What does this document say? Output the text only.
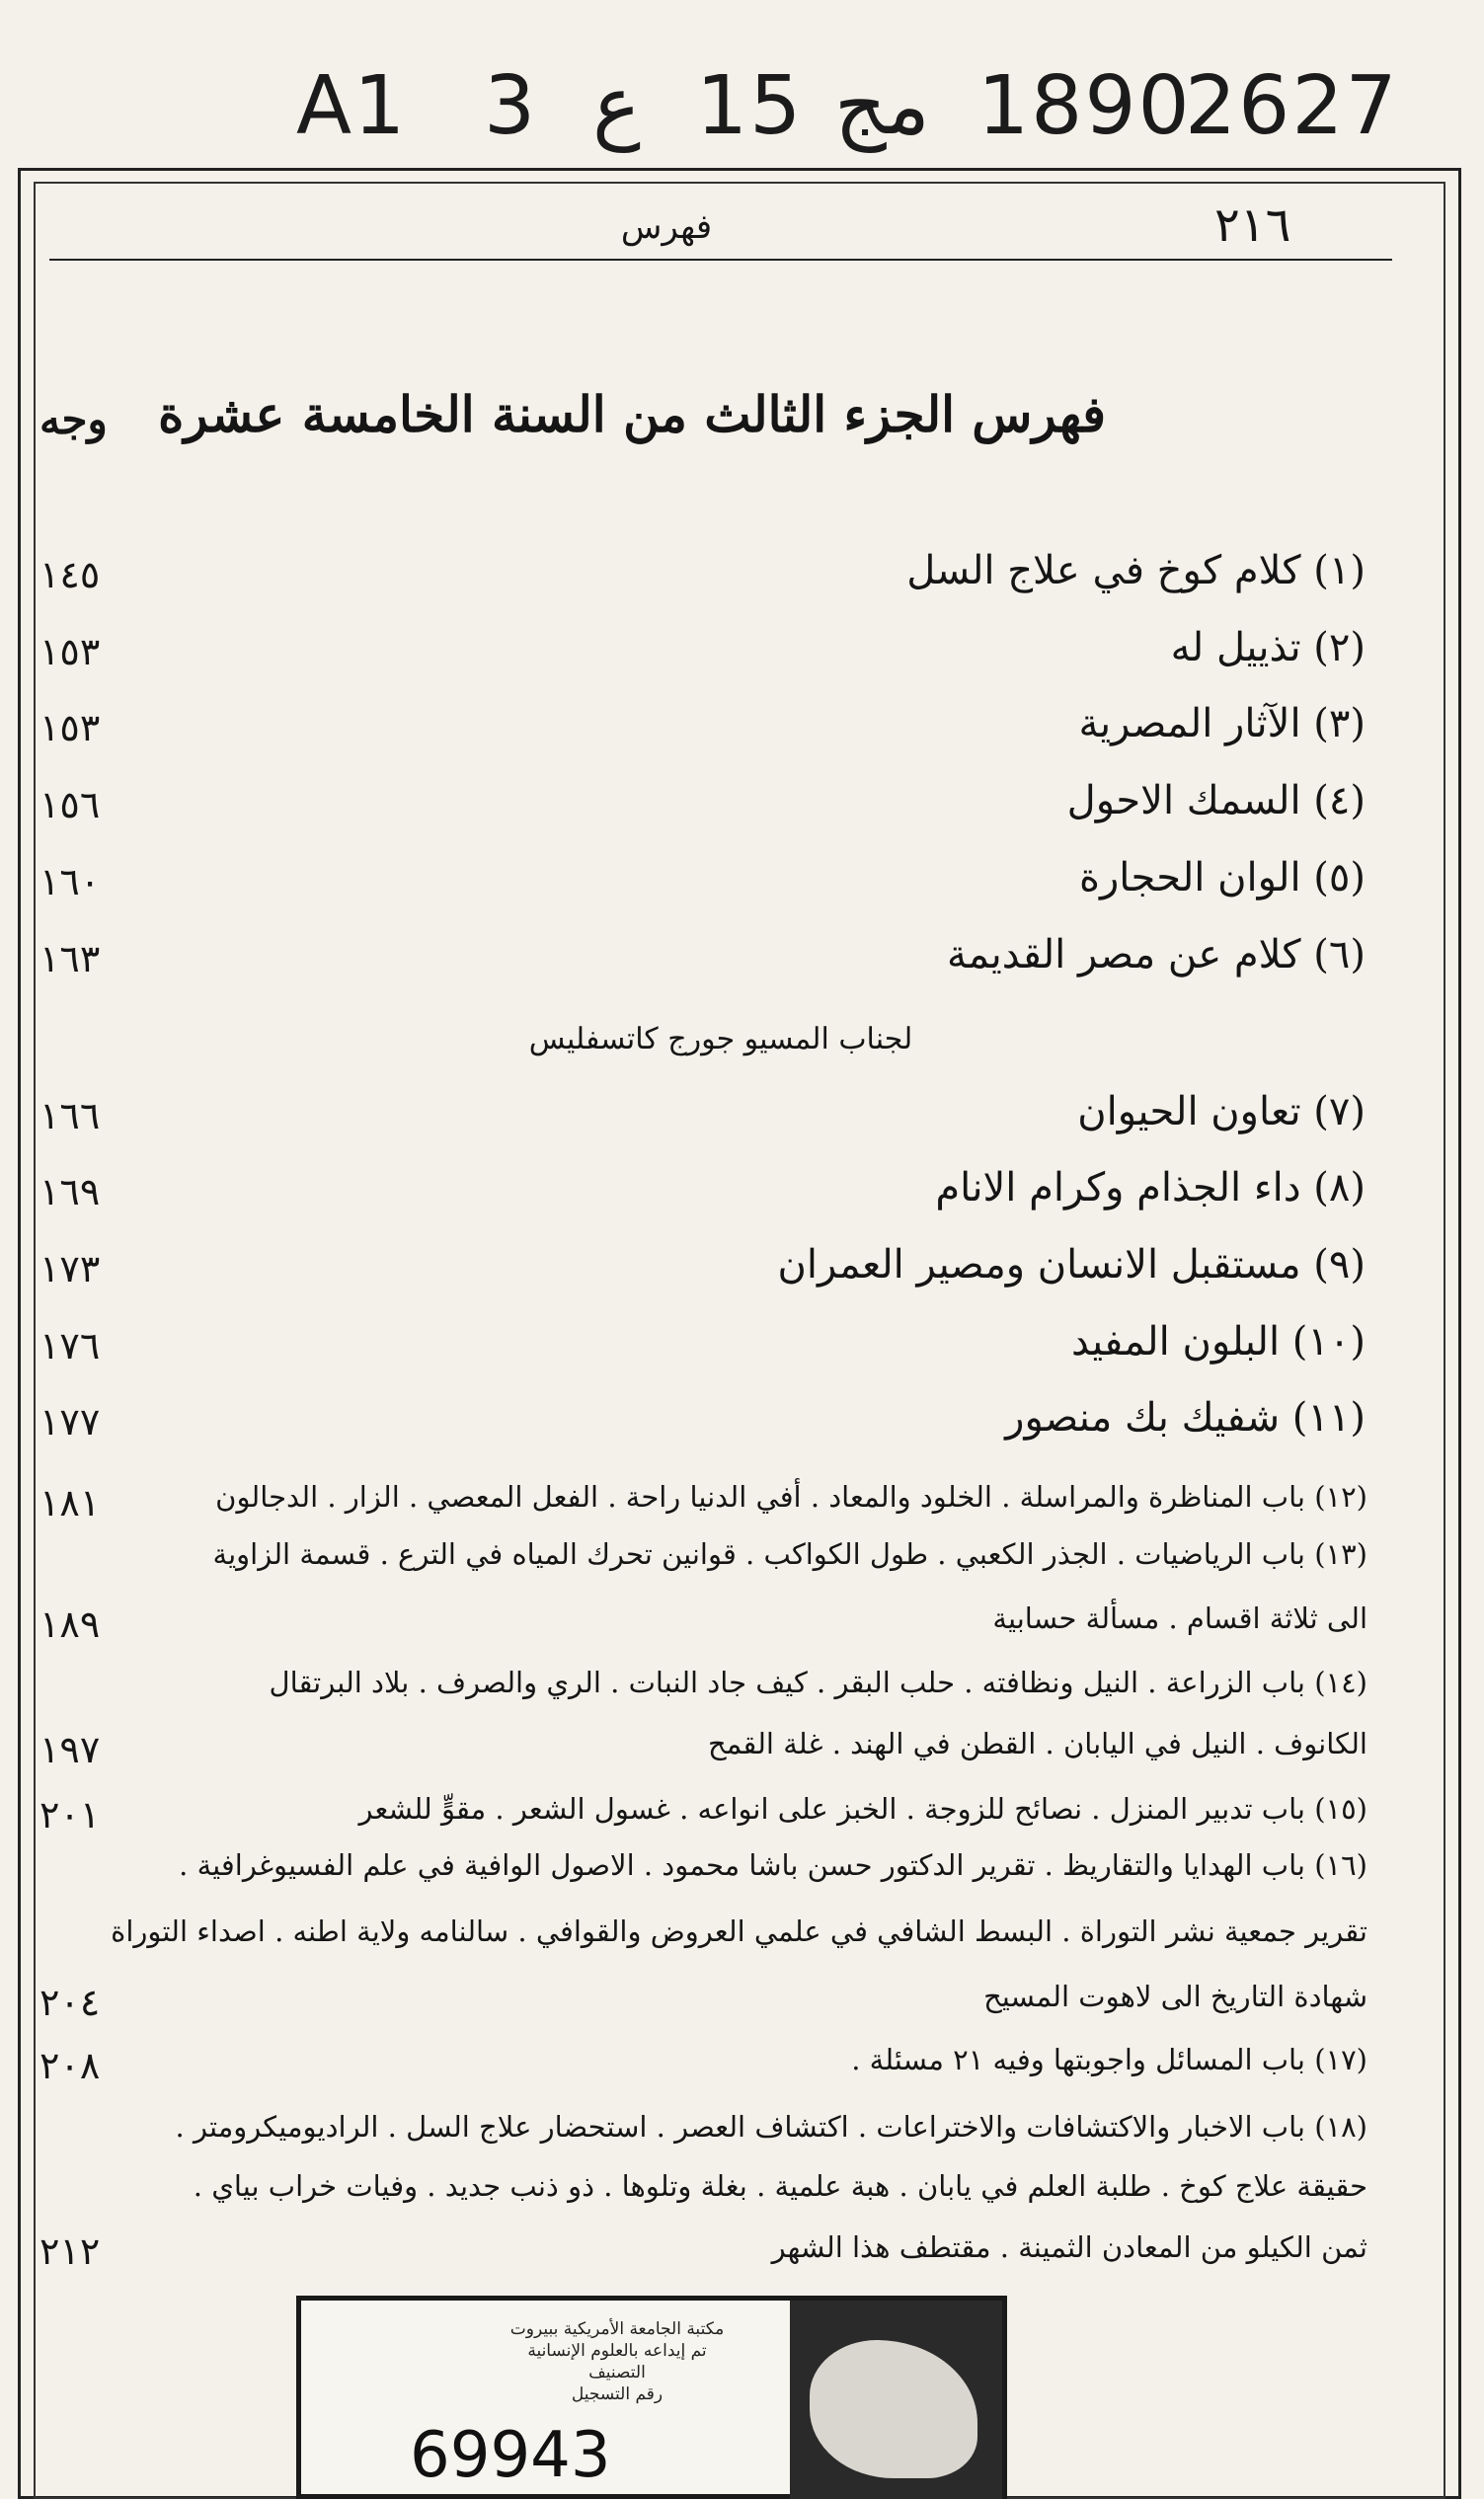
A1 3 ع 15 مج 1890
2627
٢١٦
فهرس
فهرس الجزء الثالث من السنة الخامسة عشرة
وجه
(١) كلام كوخ في علاج السل
١٤٥
(٢) تذييل له
١٥٣
(٣) الآثار المصرية
١٥٣
(٤) السمك الاحول
١٥٦
(٥) الوان الحجارة
١٦٠
(٦) كلام عن مصر القديمة
١٦٣
لجناب المسيو جورج كاتسفليس
(٧) تعاون الحيوان
١٦٦
(٨) داء الجذام وكرام الانام
١٦٩
(٩) مستقبل الانسان ومصير العمران
١٧٣
(١٠) البلون المفيد
١٧٦
(١١) شفيك بك منصور
١٧٧
(١٢) باب المناظرة والمراسلة . الخلود والمعاد . أفي الدنيا راحة . الفعل المعصي . الزار . الدجالون
١٨١
(١٣) باب الرياضيات . الجذر الكعبي . طول الكواكب . قوانين تحرك المياه في الترع . قسمة الزاوية
الى ثلاثة اقسام . مسألة حسابية
١٨٩
(١٤) باب الزراعة . النيل ونظافته . حلب البقر . كيف جاد النبات . الري والصرف . بلاد البرتقال
الكانوف . النيل في اليابان . القطن في الهند . غلة القمح
١٩٧
(١٥) باب تدبير المنزل . نصائح للزوجة . الخبز على انواعه . غسول الشعر . مقوٍّ للشعر
٢٠١
(١٦) باب الهدايا والتقاريظ . تقرير الدكتور حسن باشا محمود . الاصول الوافية في علم الفسيوغرافية .
تقرير جمعية نشر التوراة . البسط الشافي في علمي العروض والقوافي . سالنامه ولاية اطنه . اصداء التوراة
شهادة التاريخ الى لاهوت المسيح
٢٠٤
(١٧) باب المسائل واجوبتها وفيه ٢١ مسئلة .
٢٠٨
(١٨) باب الاخبار والاكتشافات والاختراعات . اكتشاف العصر . استحضار علاج السل . الراديوميكرومتر .
حقيقة علاج كوخ . طلبة العلم في يابان . هبة علمية . بغلة وتلوها . ذو ذنب جديد . وفيات خراب بياي .
ثمن الكيلو من المعادن الثمينة . مقتطف هذا الشهر
٢١٢
مكتبة الجامعة الأمريكية ببيروت
تم إيداعه بالعلوم الإنسانية
التصنيف
رقم التسجيل
69943
